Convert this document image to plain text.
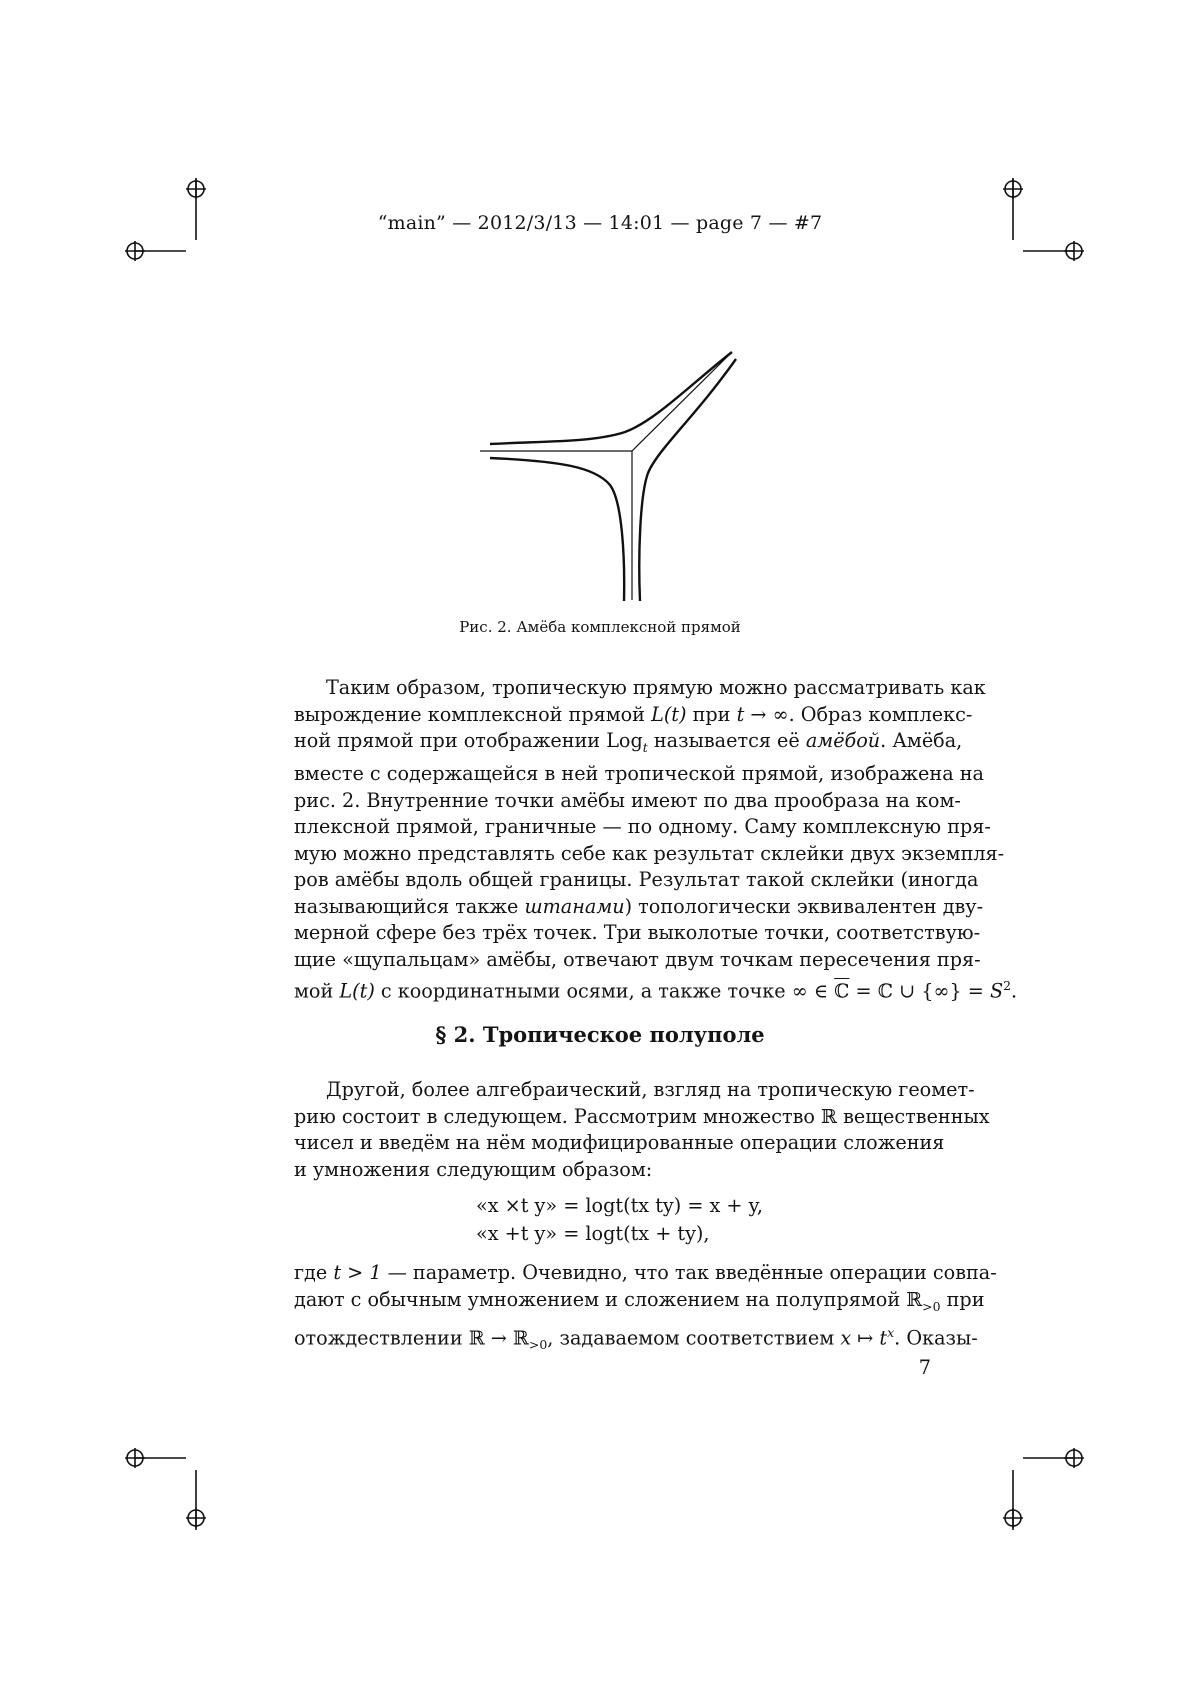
“main” — 2012/3/13 — 14:01 — page 7 — #7
Рис. 2. Амёба комплексной прямой
Таким образом, тропическую прямую можно рассматривать как
вырождение комплексной прямой L(t) при t → ∞. Образ комплекс-
ной прямой при отображении Logt называется её амёбой. Амёба,
вместе с содержащейся в ней тропической прямой, изображена на
рис. 2. Внутренние точки амёбы имеют по два прообраза на ком-
плексной прямой, граничные — по одному. Саму комплексную пря-
мую можно представлять себе как результат склейки двух экземпля-
ров амёбы вдоль общей границы. Результат такой склейки (иногда
называющийся также штанами) топологически эквивалентен дву-
мерной сфере без трёх точек. Три выколотые точки, соответствую-
щие «щупальцам» амёбы, отвечают двум точкам пересечения пря-
мой L(t) с координатными осями, а также точке ∞ ∈ ℂ = ℂ ∪ {∞} = S2.
§ 2. Тропическое полуполе
Другой, более алгебраический, взгляд на тропическую геомет-
рию состоит в следующем. Рассмотрим множество ℝ вещественных
чисел и введём на нём модифицированные операции сложения
и умножения следующим образом:
«x ×t y» = logt(tx ty) = x + y,
«x +t y» = logt(tx + ty),
где t > 1 — параметр. Очевидно, что так введённые операции совпа-
дают с обычным умножением и сложением на полупрямой ℝ>0 при
отождествлении ℝ → ℝ>0, задаваемом соответствием x ↦ tx. Оказы-
7
